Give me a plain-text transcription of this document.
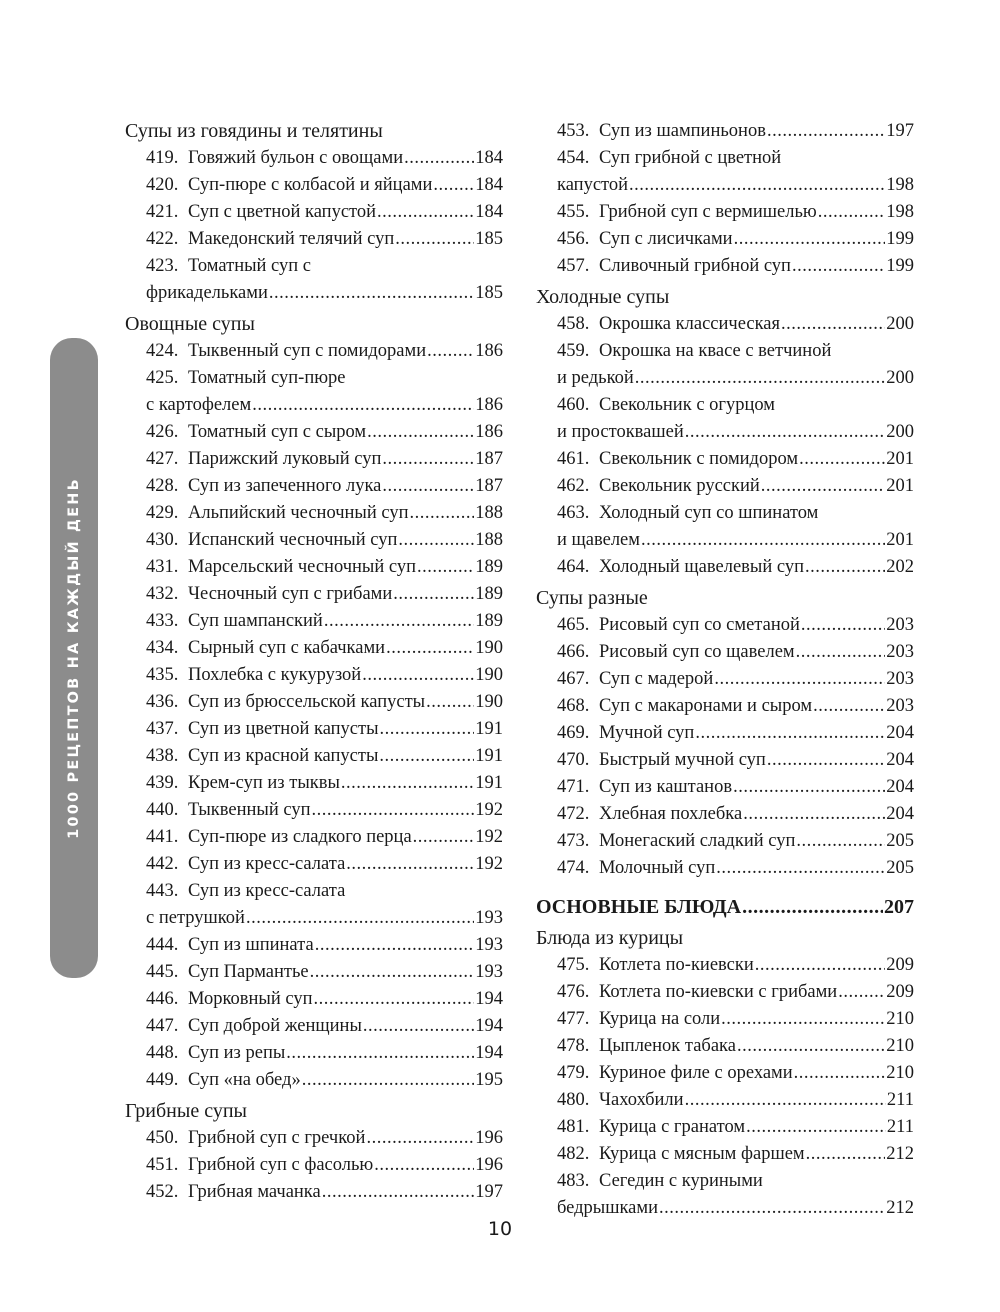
1000 РЕЦЕПТОВ НА КАЖДЫЙ ДЕНЬ
Супы из говядины и телятины
419. Говяжий бульон с овощами .....	184
420. Суп-пюре с колбасой и яйцами ..... 184
421. Суп с цветной капустой .....	184
422. Македонский телячий суп .....	185
423. Томатный суп с
фрикадельками .....	185
Овощные супы
424. Тыквенный суп с помидорами .....	186
425. Томатный суп-пюре
с картофелем .....	186
426. Томатный суп с сыром .....	186
427. Парижский луковый суп .....	187
428. Суп из запеченного лука .....	187
429. Альпийский чесночный суп .....	188
430. Испанский чесночный суп .....	188
431. Марсельский чесночный суп .....	189
432. Чесночный суп с грибами .....	189
433. Суп шампанский .....	189
434. Сырный суп с кабачками .....	190
435. Похлебка с кукурузой .....	190
436. Суп из брюссельской капусты .....	190
437. Суп из цветной капусты .....	191
438. Суп из красной капусты .....	191
439. Крем-суп из тыквы .....	191
440. Тыквенный суп .....	192
441. Суп-пюре из сладкого перца .....	192
442. Суп из кресс-салата .....	192
443. Суп из кресс-салата
с петрушкой .....	193
444. Суп из шпината .....	193
445. Суп Пармантье .....	193
446. Морковный суп .....	194
447. Суп доброй женщины .....	194
448. Суп из репы .....	194
449. Суп «на обед» .....	195
Грибные супы
450. Грибной суп с гречкой .....	196
451. Грибной суп с фасолью .....	196
452. Грибная мачанка .....	197
453. Суп из шампиньонов .....	197
454. Суп грибной с цветной
капустой .....	198
455. Грибной суп с вермишелью .....	198
456. Суп с лисичками .....	199
457. Сливочный грибной суп .....	199
Холодные супы
458. Окрошка классическая .....	200
459. Окрошка на квасе с ветчиной
и редькой .....	200
460. Свекольник с огурцом
и простоквашей .....	200
461. Свекольник с помидором .....	201
462. Свекольник русский .....	201
463. Холодный суп со шпинатом
и щавелем .....	201
464. Холодный щавелевый суп .....	202
Супы разные
465. Рисовый суп со сметаной .....	203
466. Рисовый суп со щавелем .....	203
467. Суп с мадерой .....	203
468. Суп с макаронами и сыром .....	203
469. Мучной суп .....	204
470. Быстрый мучной суп .....	204
471. Суп из каштанов .....	204
472. Хлебная похлебка .....	204
473. Монегаский сладкий суп .....	205
474. Молочный суп .....	205
ОСНОВНЫЕ БЛЮДА .....	207
Блюда из курицы
475. Котлета по-киевски .....	209
476. Котлета по-киевски с грибами .....	209
477. Курица на соли .....	210
478. Цыпленок табака .....	210
479. Куриное филе с орехами .....	210
480. Чахохбили .....	211
481. Курица с гранатом .....	211
482. Курица с мясным фаршем .....	212
483. Сегедин с куриными
бедрышками .....	212
10
